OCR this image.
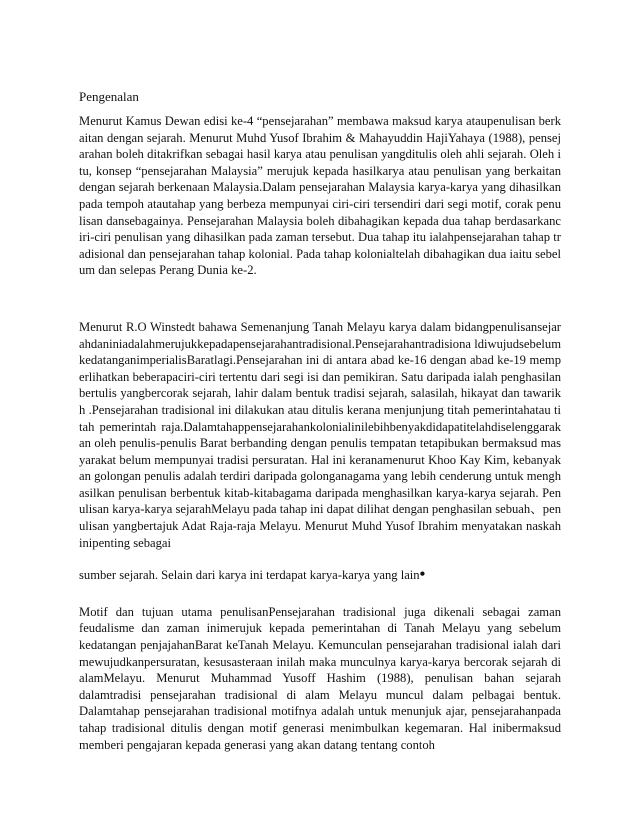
Pengenalan

Menurut Kamus Dewan edisi ke-4 “pensejarahan” membawa maksud karya ataupenulisan berkaitan dengan sejarah. Menurut Muhd Yusof Ibrahim & Mahayuddin HajiYahaya (1988), pensejarahan boleh ditakrifkan sebagai hasil karya atau penulisan yangditulis oleh ahli sejarah. Oleh itu, konsep “pensejarahan Malaysia” merujuk kepada hasilkarya atau penulisan yang berkaitan dengan sejarah berkenaan Malaysia.Dalam pensejarahan Malaysia karya-karya yang dihasilkan pada tempoh atautahap yang berbeza mempunyai ciri-ciri tersendiri dari segi motif, corak penulisan dansebagainya. Pensejarahan Malaysia boleh dibahagikan kepada dua tahap berdasarkanciri-ciri penulisan yang dihasilkan pada zaman tersebut. Dua tahap itu ialahpensejarahan tahap tradisional dan pensejarahan tahap kolonial. Pada tahap kolonialtelah dibahagikan dua iaitu sebelum dan selepas Perang Dunia ke-2.

Menurut R.O Winstedt bahawa Semenanjung Tanah Melayu karya dalam bidangpenulisansejarahdaniniadalahmerujukkepadapensejarahantradisional.Pensejarahantradisiona ldiwujudsebelumkedatanganimperialisBaratlagi.Pensejarahan ini di antara abad ke-16 dengan abad ke-19 memperlihatkan beberapaciri-ciri tertentu dari segi isi dan pemikiran. Satu daripada ialah penghasilan bertulis yangbercorak sejarah, lahir dalam bentuk tradisi sejarah, salasilah, hikayat dan tawarikh .Pensejarahan tradisional ini dilakukan atau ditulis kerana menjunjung titah pemerintahatau titah pemerintah raja.Dalamtahappensejarahankolonialinilebihbenyakdidapatitelahdiselenggarakan oleh penulis-penulis Barat berbanding dengan penulis tempatan tetapibukan bermaksud masyarakat belum mempunyai tradisi persuratan. Hal ini keranamenurut Khoo Kay Kim, kebanyakan golongan penulis adalah terdiri daripada golonganagama yang lebih cenderung untuk menghasilkan penulisan berbentuk kitab-kitabagama daripada menghasilkan karya-karya sejarah. Penulisan karya-karya sejarahMelayu pada tahap ini dapat dilihat dengan penghasilan sebuah、penulisan yangbertajuk Adat Raja-raja Melayu. Menurut Muhd Yusof Ibrahim menyatakan naskah inipenting sebagai

sumber sejarah. Selain dari karya ini terdapat karya-karya yang lain•

Motif dan tujuan utama penulisanPensejarahan tradisional juga dikenali sebagai zaman feudalisme dan zaman inimerujuk kepada pemerintahan di Tanah Melayu yang sebelum kedatangan penjajahanBarat keTanah Melayu. Kemunculan pensejarahan tradisional ialah dari mewujudkanpersuratan, kesusasteraan inilah maka munculnya karya-karya bercorak sejarah di alamMelayu. Menurut Muhammad Yusoff Hashim (1988), penulisan bahan sejarah dalamtradisi pensejarahan tradisional di alam Melayu muncul dalam pelbagai bentuk. Dalamtahap pensejarahan tradisional motifnya adalah untuk menunjuk ajar, pensejarahanpada tahap tradisional ditulis dengan motif generasi menimbulkan kegemaran. Hal inibermaksud memberi pengajaran kepada generasi yang akan datang tentang contoh
